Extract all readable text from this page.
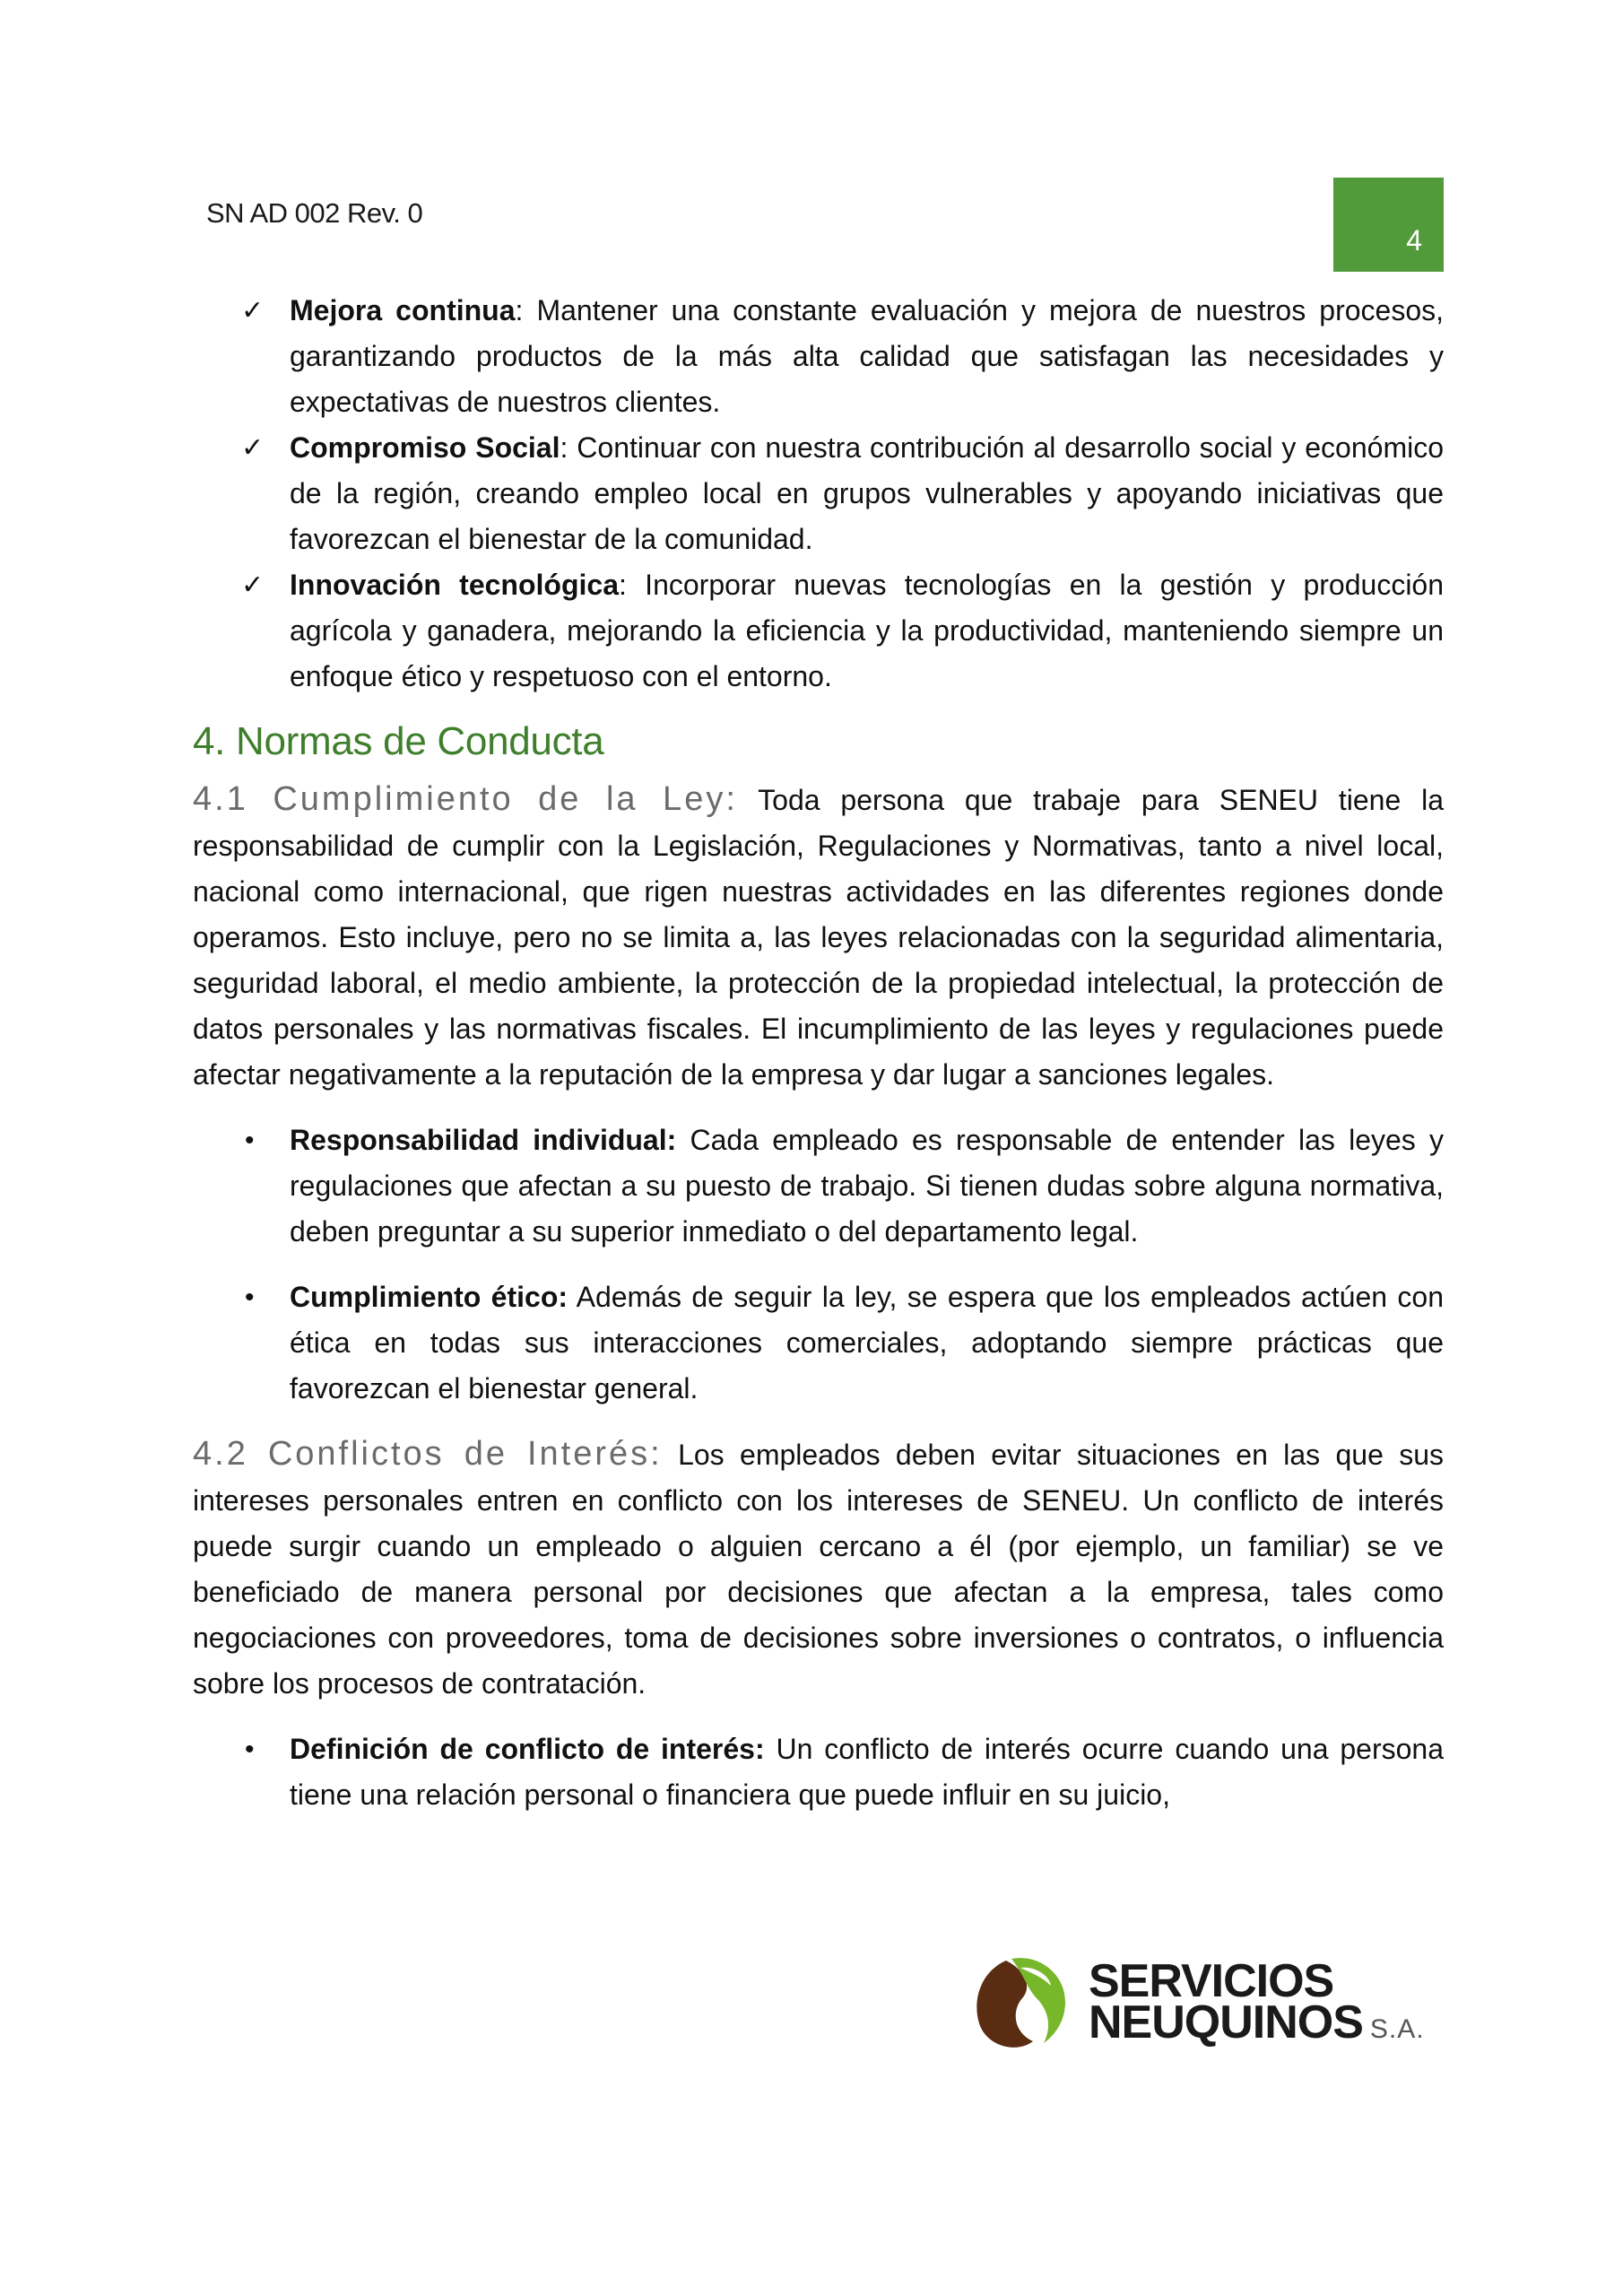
SN AD 002 Rev. 0
4
✓ Mejora continua: Mantener una constante evaluación y mejora de nuestros procesos, garantizando productos de la más alta calidad que satisfagan las necesidades y expectativas de nuestros clientes.
✓ Compromiso Social: Continuar con nuestra contribución al desarrollo social y económico de la región, creando empleo local en grupos vulnerables y apoyando iniciativas que favorezcan el bienestar de la comunidad.
✓ Innovación tecnológica: Incorporar nuevas tecnologías en la gestión y producción agrícola y ganadera, mejorando la eficiencia y la productividad, manteniendo siempre un enfoque ético y respetuoso con el entorno.
4. Normas de Conducta

4.1 Cumplimiento de la Ley: Toda persona que trabaje para SENEU tiene la responsabilidad de cumplir con la Legislación, Regulaciones y Normativas, tanto a nivel local, nacional como internacional, que rigen nuestras actividades en las diferentes regiones donde operamos. Esto incluye, pero no se limita a, las leyes relacionadas con la seguridad alimentaria, seguridad laboral, el medio ambiente, la protección de la propiedad intelectual, la protección de datos personales y las normativas fiscales. El incumplimiento de las leyes y regulaciones puede afectar negativamente a la reputación de la empresa y dar lugar a sanciones legales.

• Responsabilidad individual: Cada empleado es responsable de entender las leyes y regulaciones que afectan a su puesto de trabajo. Si tienen dudas sobre alguna normativa, deben preguntar a su superior inmediato o del departamento legal.
• Cumplimiento ético: Además de seguir la ley, se espera que los empleados actúen con ética en todas sus interacciones comerciales, adoptando siempre prácticas que favorezcan el bienestar general.

4.2 Conflictos de Interés: Los empleados deben evitar situaciones en las que sus intereses personales entren en conflicto con los intereses de SENEU. Un conflicto de interés puede surgir cuando un empleado o alguien cercano a él (por ejemplo, un familiar) se ve beneficiado de manera personal por decisiones que afectan a la empresa, tales como negociaciones con proveedores, toma de decisiones sobre inversiones o contratos, o influencia sobre los procesos de contratación.

• Definición de conflicto de interés: Un conflicto de interés ocurre cuando una persona tiene una relación personal o financiera que puede influir en su juicio,
SERVICIOS
NEUQUINOS S.A.
